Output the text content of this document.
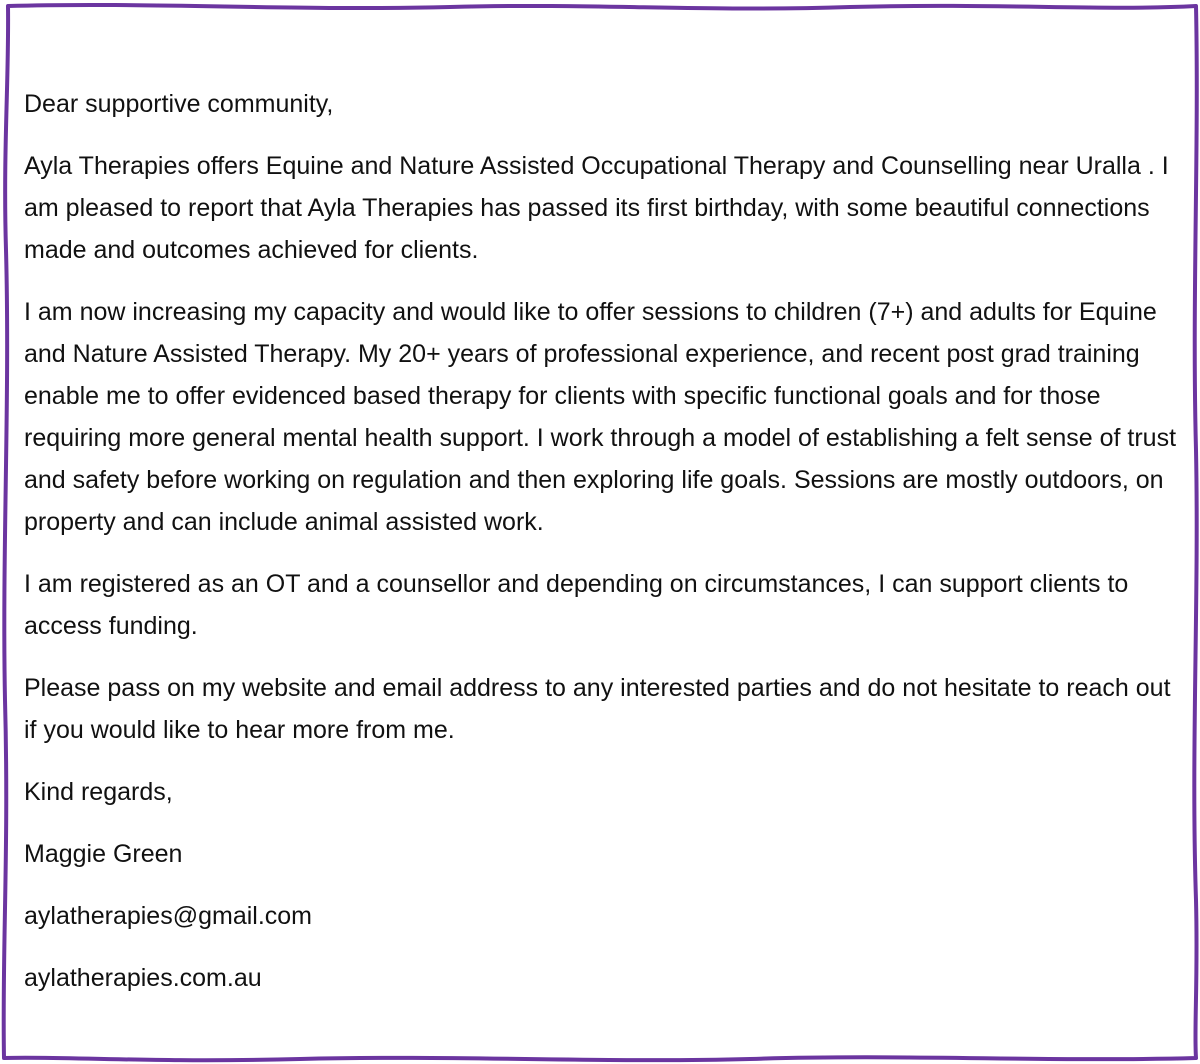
Dear supportive community,

Ayla Therapies offers Equine and Nature Assisted Occupational Therapy and Counselling near Uralla . I am pleased to report that Ayla Therapies has passed its first birthday, with some beautiful connections made and outcomes achieved for clients.

I am now increasing my capacity and would like to offer sessions to children (7+) and adults for Equine and Nature Assisted Therapy. My 20+ years of professional experience, and recent post grad training enable me to offer evidenced based therapy for clients with specific functional goals and for those requiring more general mental health support. I work through a model of establishing a felt sense of trust and safety before working on regulation and then exploring life goals. Sessions are mostly outdoors, on property and can include animal assisted work.

I am registered as an OT and a counsellor and depending on circumstances, I can support clients to access funding.

Please pass on my website and email address to any interested parties and do not hesitate to reach out if you would like to hear more from me.

Kind regards,

Maggie Green

aylatherapies@gmail.com

aylatherapies.com.au
